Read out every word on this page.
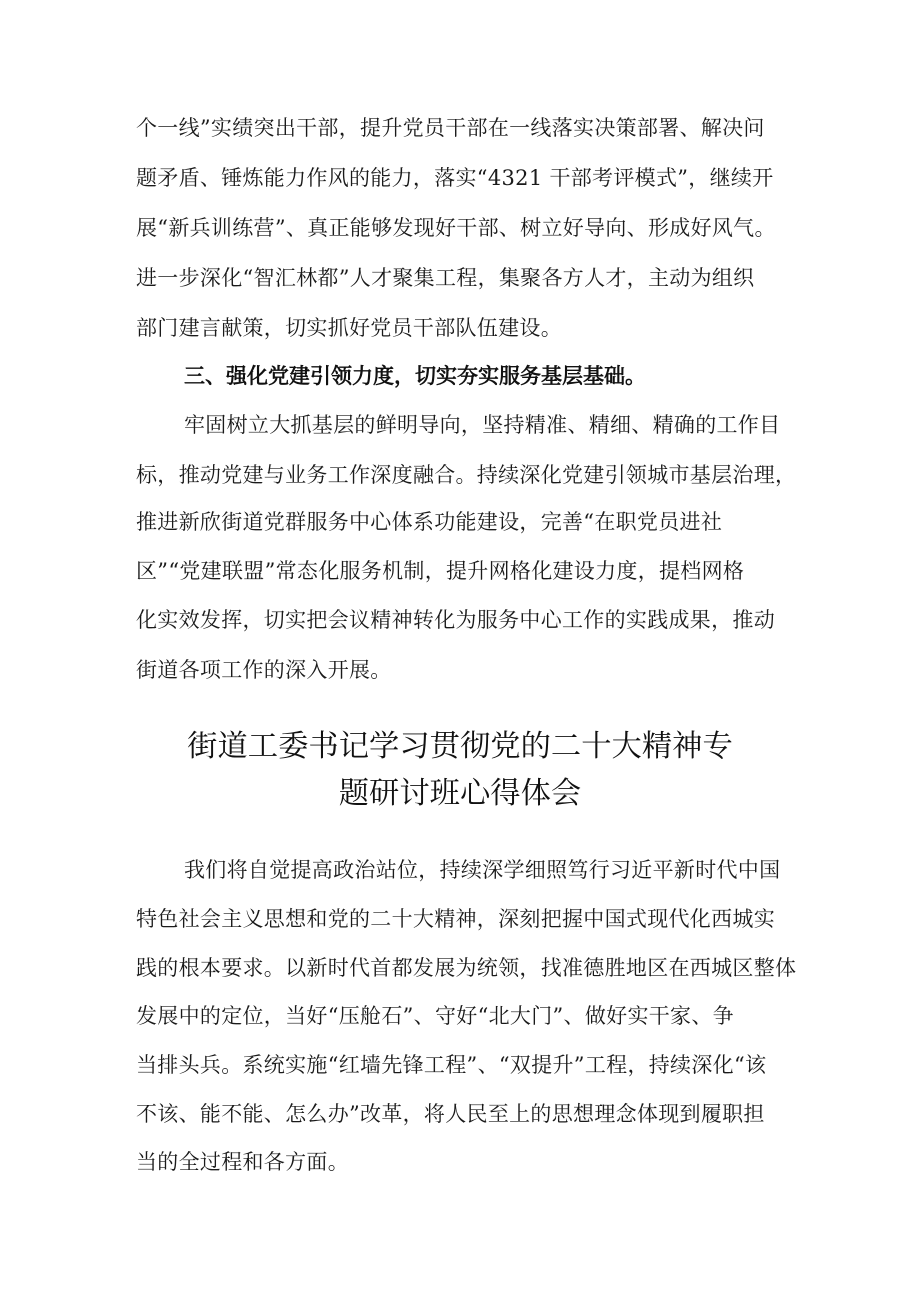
个一线”实绩突出干部，提升党员干部在一线落实决策部署、解决问
题矛盾、锤炼能力作风的能力，落实“4321 干部考评模式”，继续开
展“新兵训练营”、真正能够发现好干部、树立好导向、形成好风气。
进一步深化“智汇林都”人才聚集工程，集聚各方人才，主动为组织
部门建言献策，切实抓好党员干部队伍建设。
三、强化党建引领力度，切实夯实服务基层基础。
牢固树立大抓基层的鲜明导向，坚持精准、精细、精确的工作目
标，推动党建与业务工作深度融合。持续深化党建引领城市基层治理，
推进新欣街道党群服务中心体系功能建设，完善“在职党员进社
区”“党建联盟”常态化服务机制，提升网格化建设力度，提档网格
化实效发挥，切实把会议精神转化为服务中心工作的实践成果，推动
街道各项工作的深入开展。
街道工委书记学习贯彻党的二十大精神专
题研讨班心得体会
我们将自觉提高政治站位，持续深学细照笃行习近平新时代中国
特色社会主义思想和党的二十大精神，深刻把握中国式现代化西城实
践的根本要求。以新时代首都发展为统领，找准德胜地区在西城区整体
发展中的定位，当好“压舱石”、守好“北大门”、做好实干家、争
当排头兵。系统实施“红墙先锋工程”、“双提升”工程，持续深化“该
不该、能不能、怎么办”改革，将人民至上的思想理念体现到履职担
当的全过程和各方面。
